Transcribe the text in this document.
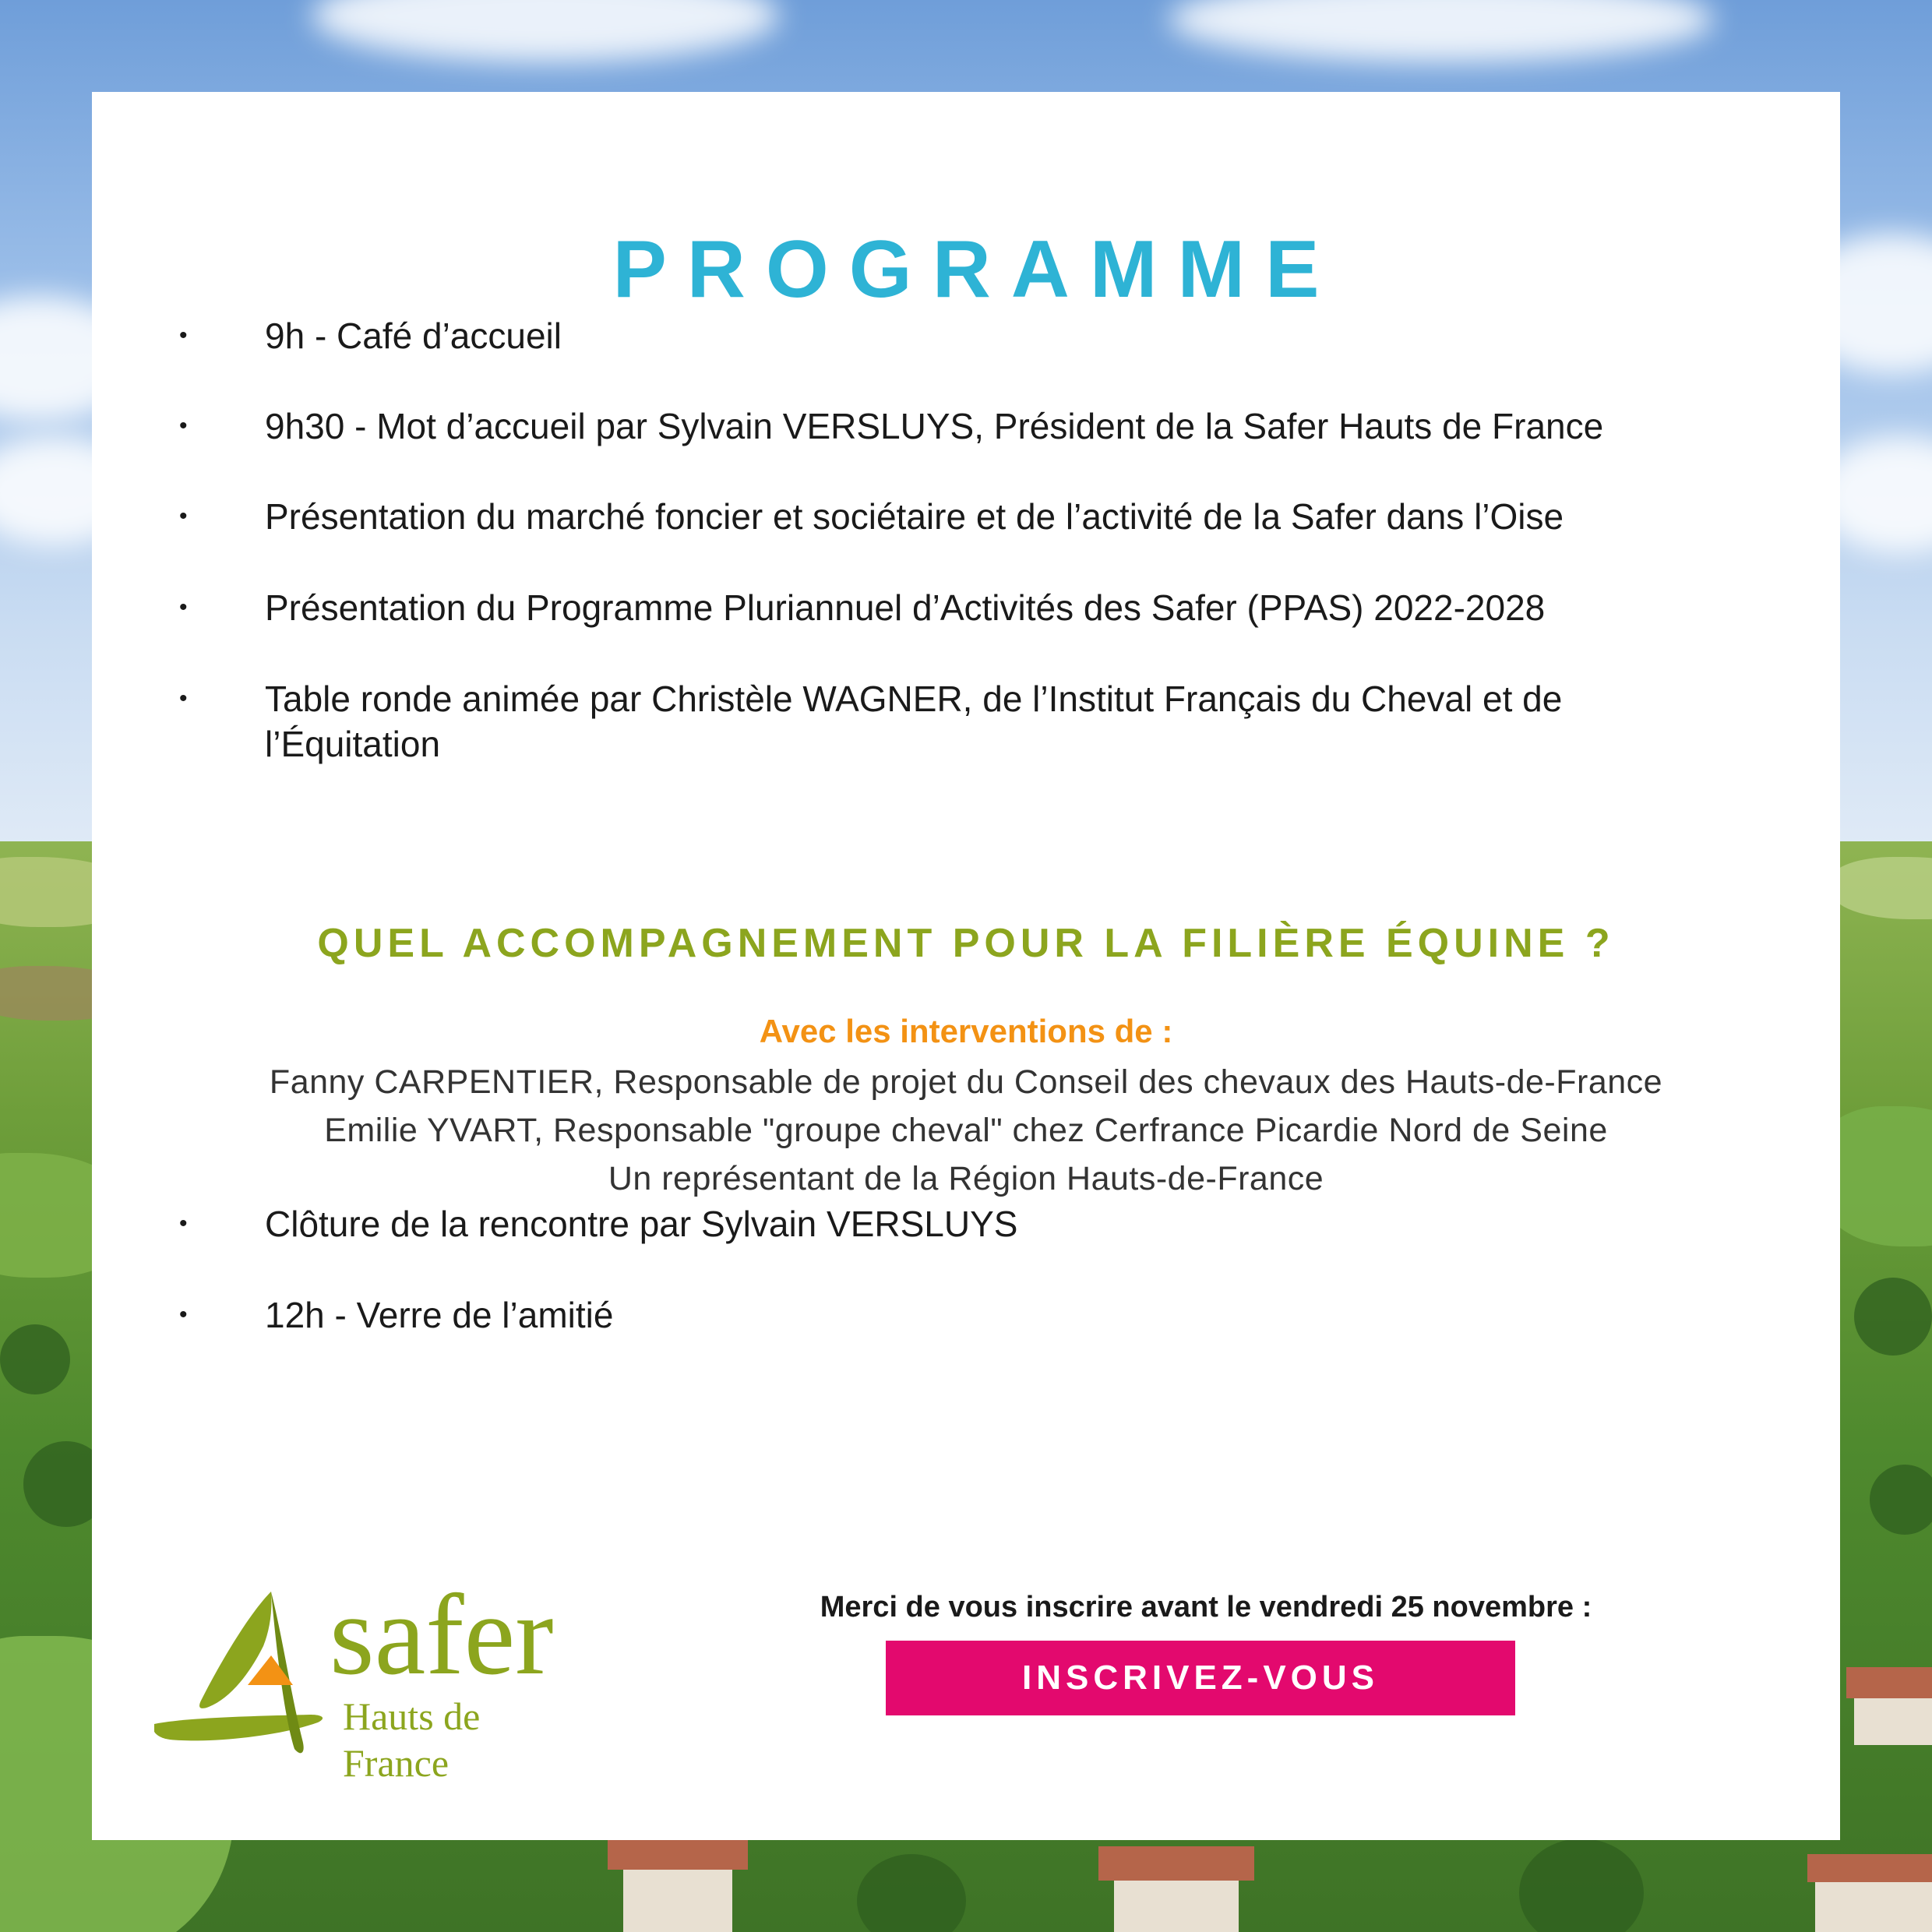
PROGRAMME
• 9h - Café d’accueil
• 9h30 - Mot d’accueil par Sylvain VERSLUYS, Président de la Safer Hauts de France
• Présentation du marché foncier et sociétaire et de l’activité de la Safer dans l’Oise
• Présentation du Programme Pluriannuel d’Activités des Safer (PPAS) 2022-2028
• Table ronde animée par Christèle WAGNER, de l’Institut Français du Cheval et de l’Équitation
QUEL ACCOMPAGNEMENT POUR LA FILIÈRE ÉQUINE ?
Avec les interventions de :
Fanny CARPENTIER, Responsable de projet du Conseil des chevaux des Hauts-de-France
Emilie YVART, Responsable "groupe cheval" chez Cerfrance Picardie Nord de Seine
Un représentant de la Région Hauts-de-France
• Clôture de la rencontre par Sylvain VERSLUYS
• 12h - Verre de l’amitié
safer
Hauts de France
Merci de vous inscrire avant le vendredi 25 novembre :
INSCRIVEZ-VOUS
